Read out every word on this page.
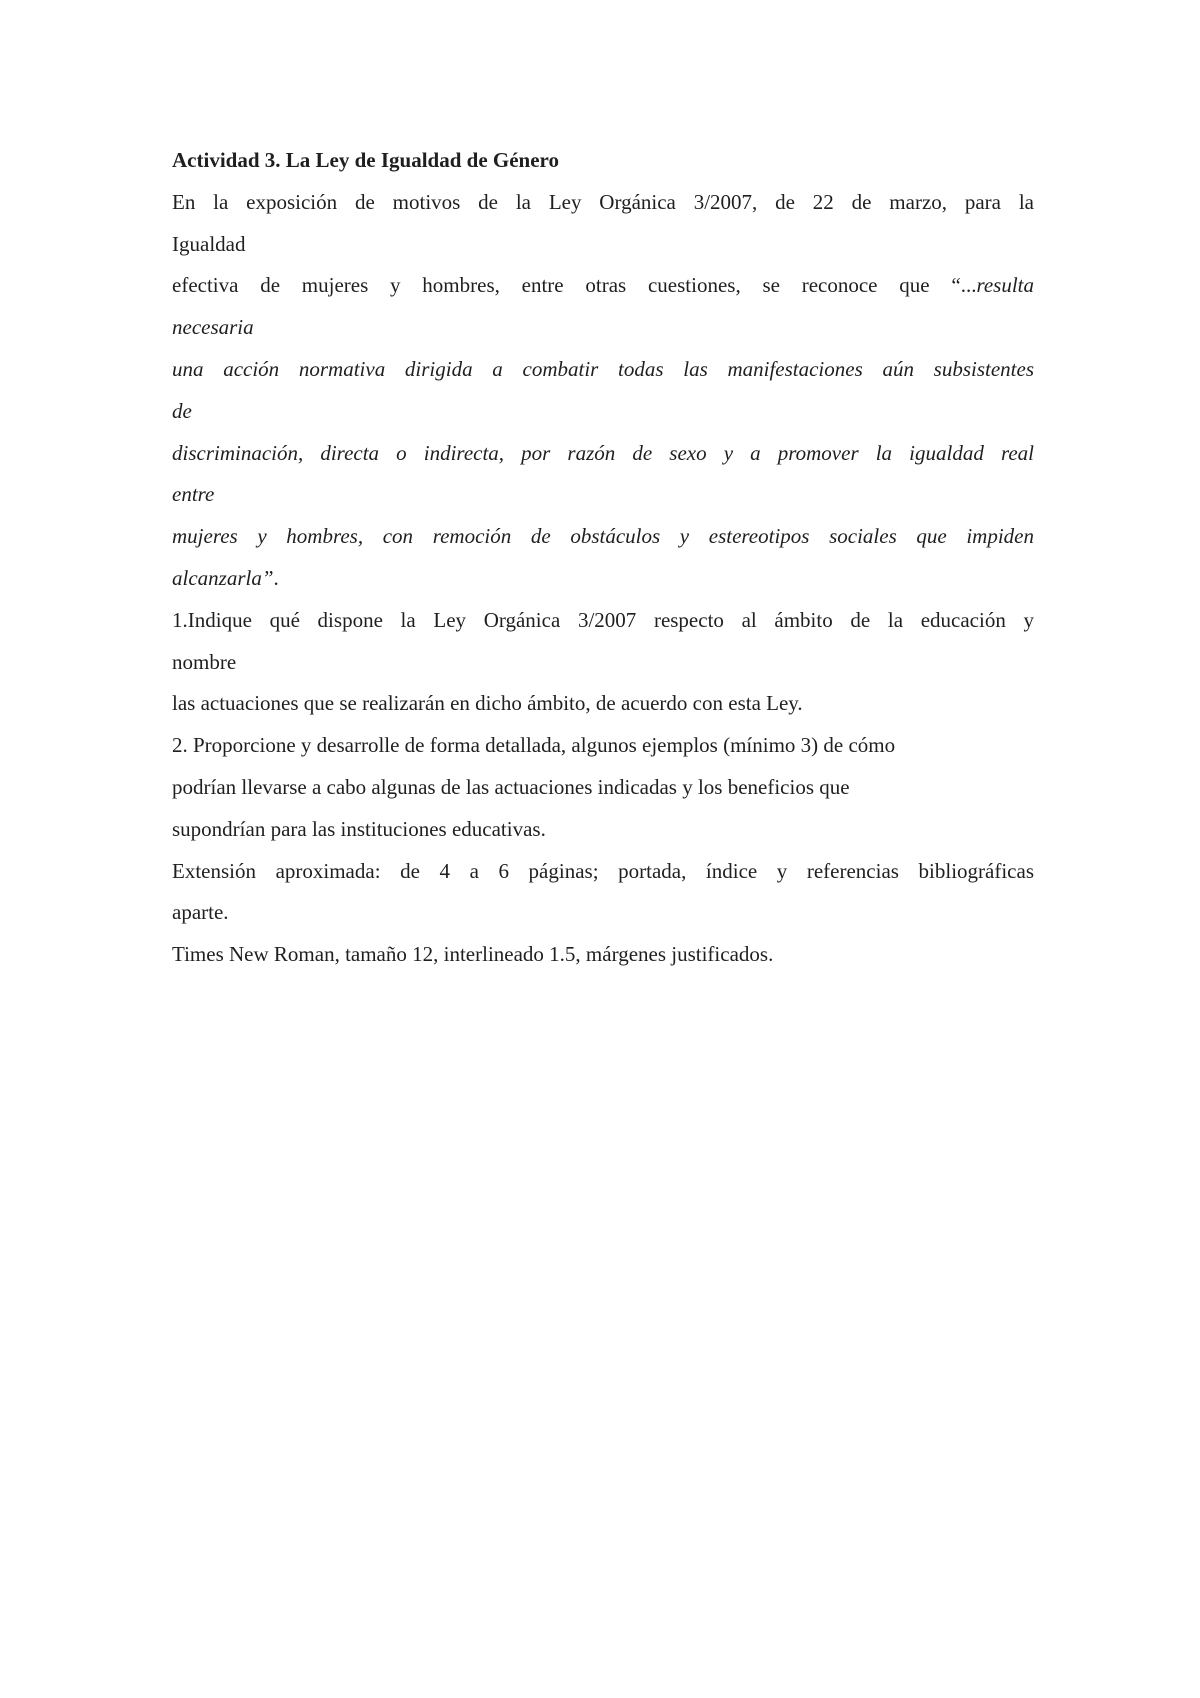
Actividad 3. La Ley de Igualdad de Género
En la exposición de motivos de la Ley Orgánica 3/2007, de 22 de marzo, para la
Igualdad
efectiva de mujeres y hombres, entre otras cuestiones, se reconoce que “...resulta
necesaria
una acción normativa dirigida a combatir todas las manifestaciones aún subsistentes
de
discriminación, directa o indirecta, por razón de sexo y a promover la igualdad real
entre
mujeres y hombres, con remoción de obstáculos y estereotipos sociales que impiden
alcanzarla”.
1.Indique qué dispone la Ley Orgánica 3/2007 respecto al ámbito de la educación y
nombre
las actuaciones que se realizarán en dicho ámbito, de acuerdo con esta Ley.
2. Proporcione y desarrolle de forma detallada, algunos ejemplos (mínimo 3) de cómo
podrían llevarse a cabo algunas de las actuaciones indicadas y los beneficios que
supondrían para las instituciones educativas.
Extensión aproximada: de 4 a 6 páginas; portada, índice y referencias bibliográficas
aparte.
Times New Roman, tamaño 12, interlineado 1.5, márgenes justificados.
